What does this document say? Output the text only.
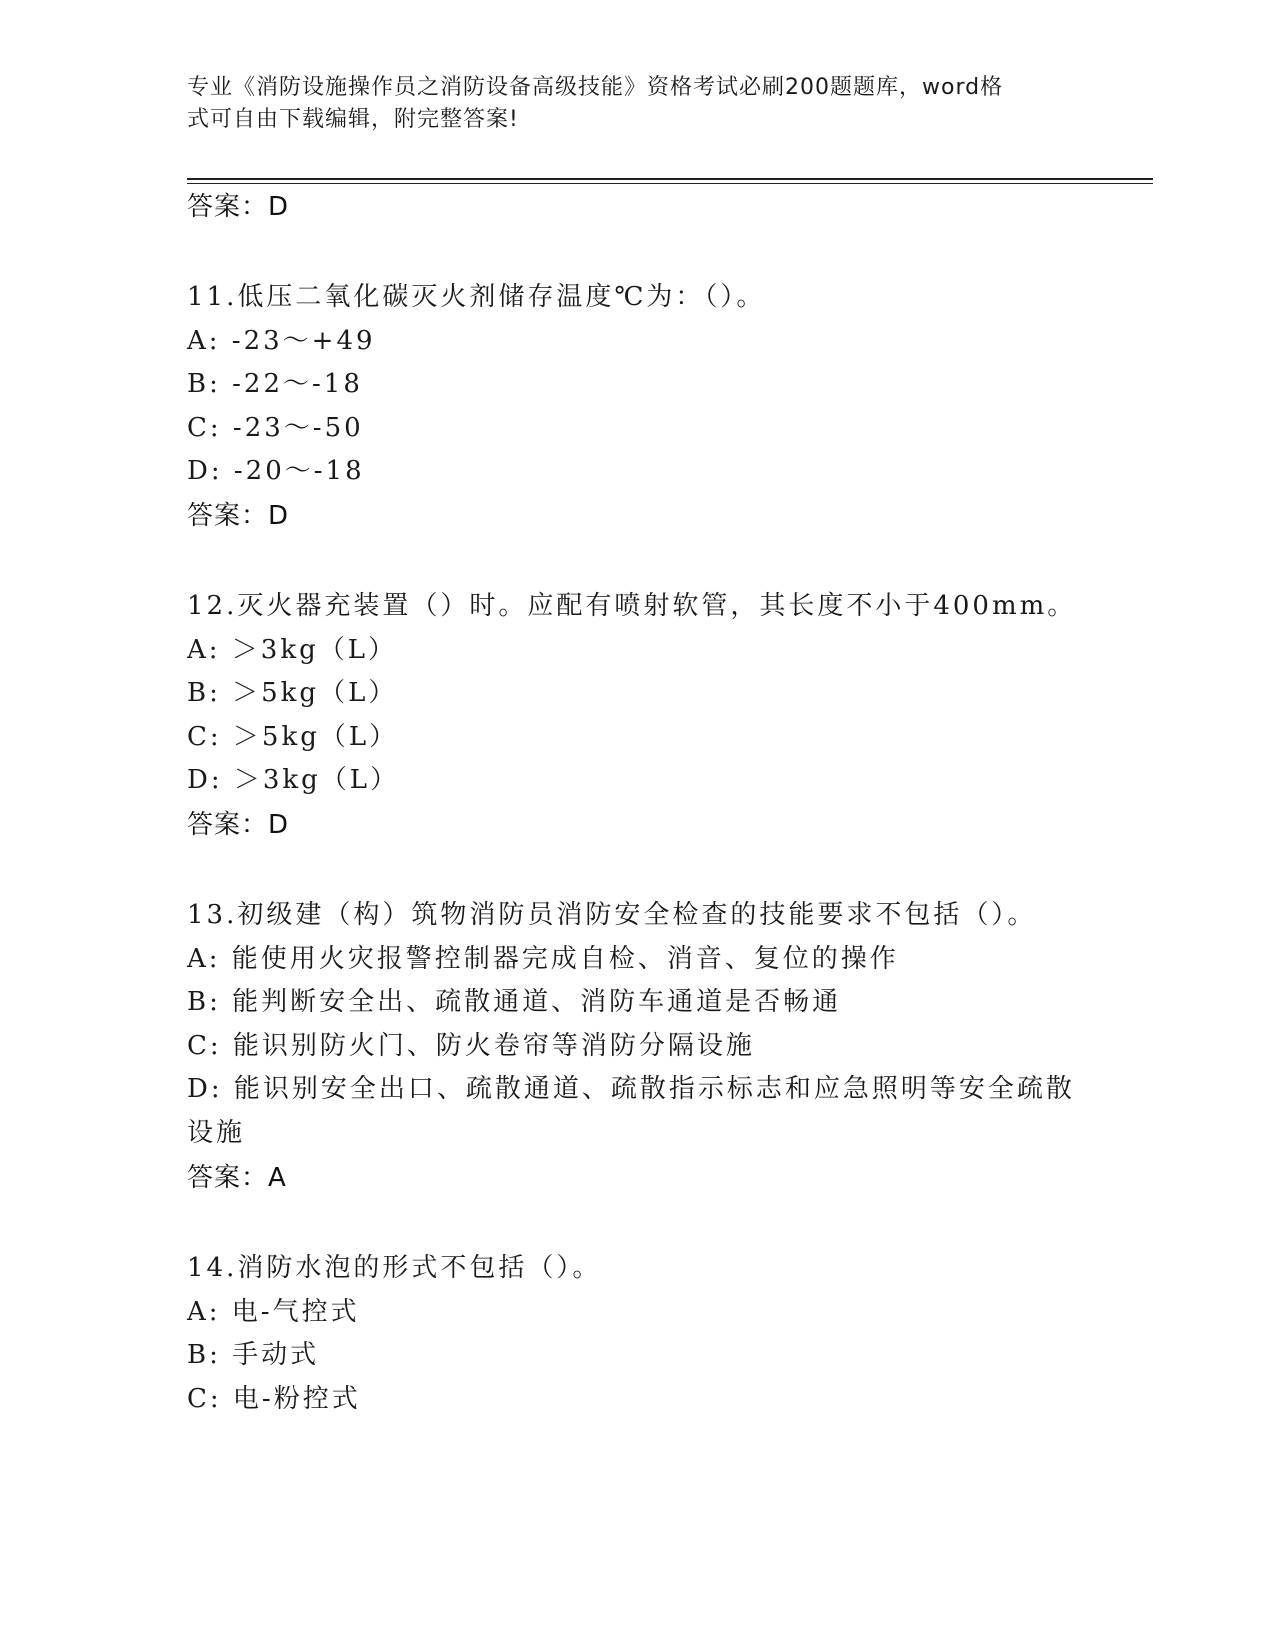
专业《消防设施操作员之消防设备高级技能》资格考试必刷200题题库，word格
式可自由下载编辑，附完整答案!
答案：D
11.低压二氧化碳灭火剂储存温度℃为：（）。
A: -23～+49
B: -22～-18
C: -23～-50
D: -20～-18
答案：D
12.灭火器充装置（）时。应配有喷射软管，其长度不小于400mm。
A: ＞3kg（L）
B: ＞5kg（L）
C: ＞5kg（L）
D: ＞3kg（L）
答案：D
13.初级建（构）筑物消防员消防安全检查的技能要求不包括（）。
A: 能使用火灾报警控制器完成自检、消音、复位的操作
B: 能判断安全出、疏散通道、消防车通道是否畅通
C: 能识别防火门、防火卷帘等消防分隔设施
D: 能识别安全出口、疏散通道、疏散指示标志和应急照明等安全疏散
设施
答案：A
14.消防水泡的形式不包括（）。
A: 电-气控式
B: 手动式
C: 电-粉控式
